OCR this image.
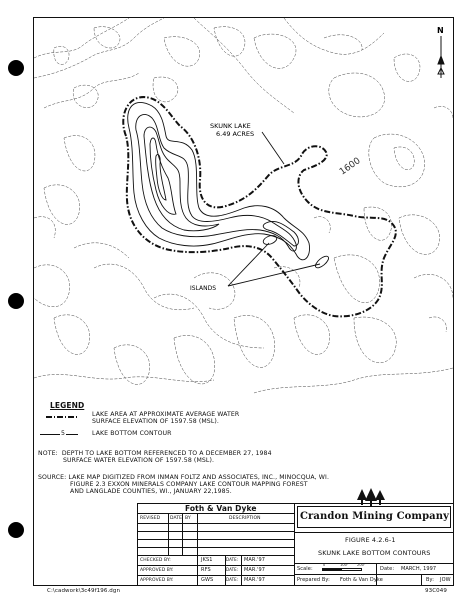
N
SKUNK LAKE
6.49 ACRES
1600
ISLANDS
LEGEND
LAKE AREA AT APPROXIMATE AVERAGE WATER
SURFACE ELEVATION OF 1597.58 (MSL).
5	LAKE BOTTOM CONTOUR
NOTE:  DEPTH TO LAKE BOTTOM REFERENCED TO A DECEMBER 27, 1984
SURFACE WATER ELEVATION OF 1597.58 (MSL).
SOURCE: LAKE MAP DIGITIZED FROM INMAN FOLTZ AND ASSOCIATES, INC., MINOCQUA, WI.
FIGURE 2.3 EXXON MINERALS COMPANY LAKE CONTOUR MAPPING FOREST
AND LANGLADE COUNTIES, WI., JANUARY 22,1985.
Foth & Van Dyke
REVISED DATE BY	DESCRIPTION
CHECKED BY:	JKS1	DATE: MAR.'97
APPROVED BY:	RFS	DATE: MAR.'97
APPROVED BY:	GWS	DATE: MAR.'97
Crandon Mining Company
FIGURE 4.2.6-1
SKUNK LAKE BOTTOM CONTOURS
Scale:
0	100'	200'
Date: MARCH, 1997
Prepared By: Foth & Van Dyke	By: JOW
C:\cadwork\3c49f196.dgn	93C049
